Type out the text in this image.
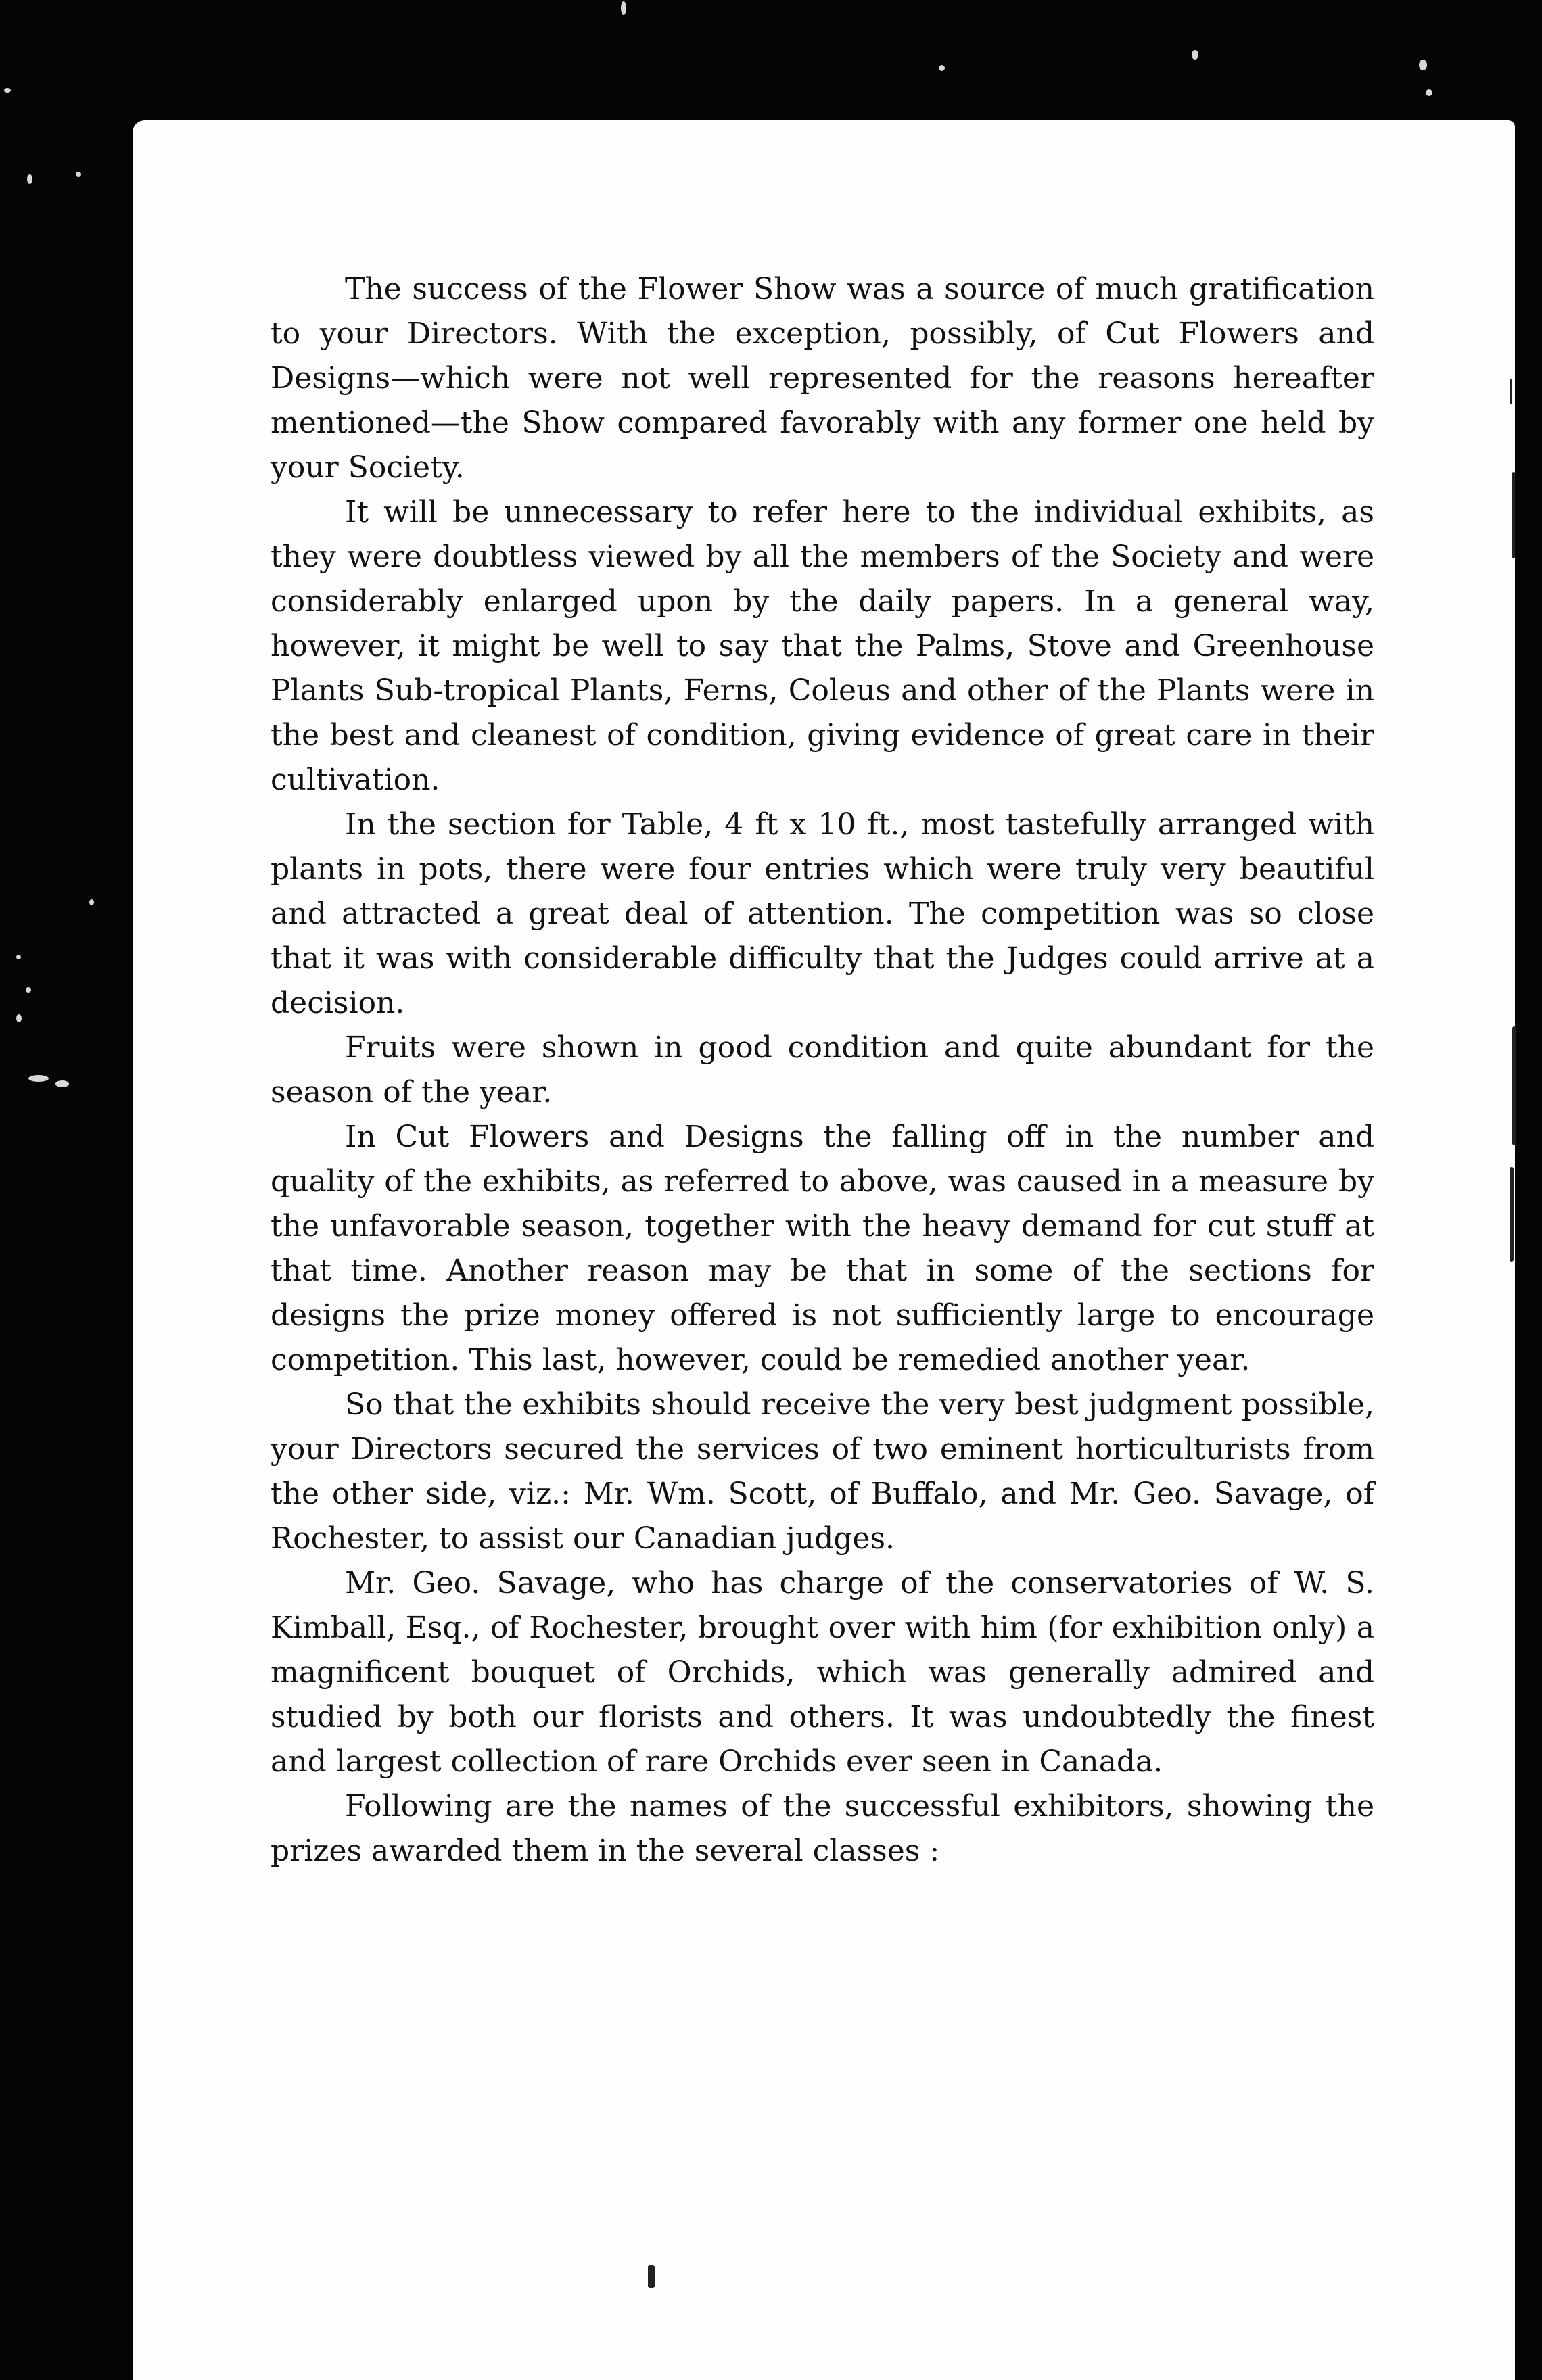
The success of the Flower Show was a source of much gratification to your Directors. With the exception, possibly, of Cut Flowers and Designs—which were not well represented for the reasons hereafter mentioned—the Show compared favorably with any former one held by your Society.

It will be unnecessary to refer here to the individual exhibits, as they were doubtless viewed by all the members of the Society and were considerably enlarged upon by the daily papers. In a general way, however, it might be well to say that the Palms, Stove and Greenhouse Plants Sub-tropical Plants, Ferns, Coleus and other of the Plants were in the best and cleanest of condition, giving evidence of great care in their cultivation.

In the section for Table, 4 ft x 10 ft., most tastefully arranged with plants in pots, there were four entries which were truly very beautiful and attracted a great deal of attention. The competition was so close that it was with considerable difficulty that the Judges could arrive at a decision.

Fruits were shown in good condition and quite abundant for the season of the year.

In Cut Flowers and Designs the falling off in the number and quality of the exhibits, as referred to above, was caused in a measure by the unfavorable season, together with the heavy demand for cut stuff at that time. Another reason may be that in some of the sections for designs the prize money offered is not sufficiently large to encourage competition. This last, however, could be remedied another year.

So that the exhibits should receive the very best judgment possible, your Directors secured the services of two eminent horticulturists from the other side, viz.: Mr. Wm. Scott, of Buffalo, and Mr. Geo. Savage, of Rochester, to assist our Canadian judges.

Mr. Geo. Savage, who has charge of the conservatories of W. S. Kimball, Esq., of Rochester, brought over with him (for exhibition only) a magnificent bouquet of Orchids, which was generally admired and studied by both our florists and others. It was undoubtedly the finest and largest collection of rare Orchids ever seen in Canada.

Following are the names of the successful exhibitors, showing the prizes awarded them in the several classes :
